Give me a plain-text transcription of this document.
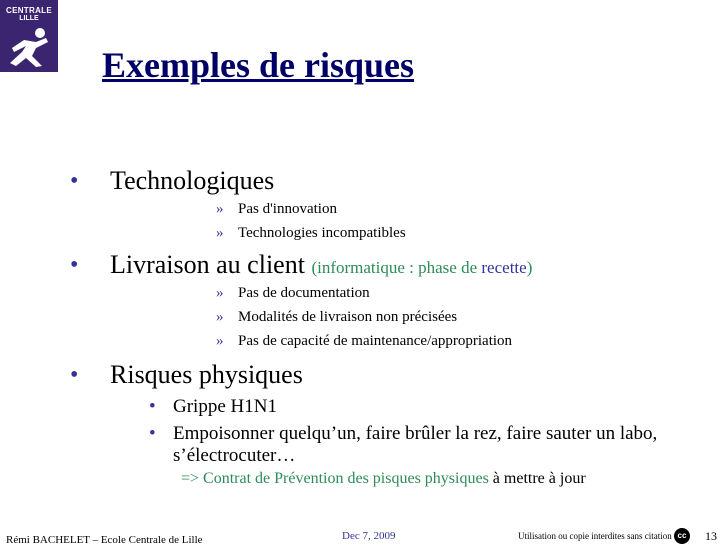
CENTRALE
LILLE
Exemples de risques
• Technologiques
» Pas d'innovation
» Technologies incompatibles
• Livraison au client (informatique : phase de recette)
» Pas de documentation
» Modalités de livraison non précisées
» Pas de capacité de maintenance/appropriation
• Risques physiques
• Grippe H1N1
• Empoisonner quelqu’un, faire brûler la rez, faire sauter un labo,
s’électrocuter…
=> Contrat de Prévention des pisques physiques à mettre à jour
Rémi BACHELET – Ecole Centrale de Lille	Dec 7, 2009	Utilisation ou copie interdites sans citation cc 13
